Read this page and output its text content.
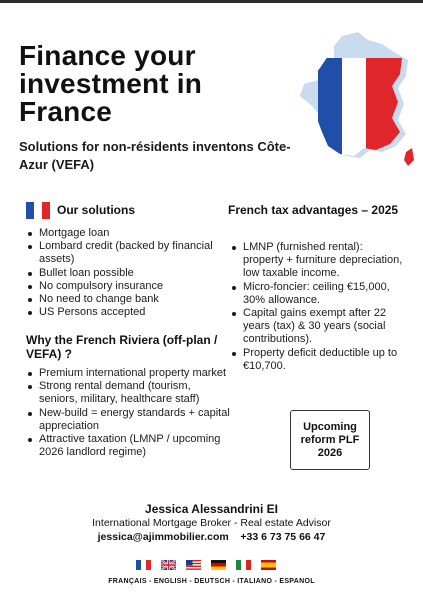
Finance your investment in France
Solutions for non-résidents inventons Côte-Azur (VEFA)
Our solutions
Mortgage loan
Lombard credit (backed by financial assets)
Bullet loan possible
No compulsory insurance
No need to change bank
US Persons accepted
Why the French Riviera (off-plan / VEFA) ?
Premium international property market
Strong rental demand (tourism, seniors, military, healthcare staff)
New-build = energy standards + capital appreciation
Attractive taxation (LMNP / upcoming 2026 landlord regime)
French tax advantages – 2025
LMNP (furnished rental): property + furniture depreciation, low taxable income.
Micro-foncier: ceiling €15,000, 30% allowance.
Capital gains exempt after 22 years (tax) & 30 years (social contributions).
Property deficit deductible up to €10,700.
Upcoming reform PLF 2026
Jessica Alessandrini EI
International Mortgage Broker - Real estate Advisor
jessica@ajimmobilier.com +33 6 73 75 66 47
FRANÇAIS - ENGLISH - DEUTSCH - ITALIANO - ESPANOL
